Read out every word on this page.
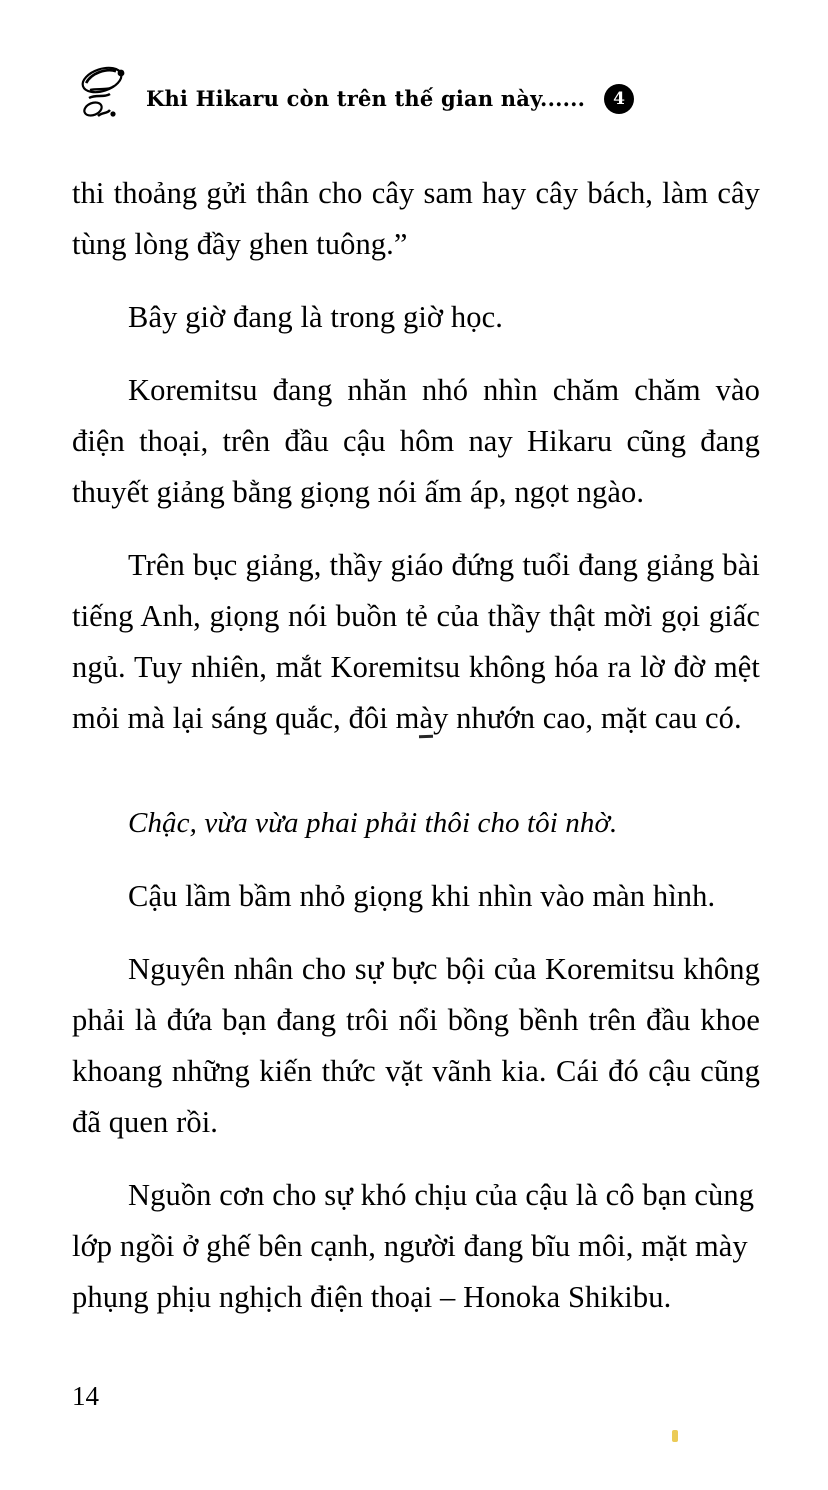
Khi Hikaru còn trên thế gian này......	4

thi thoảng gửi thân cho cây sam hay cây bách, làm cây tùng lòng đầy ghen tuông.”

Bây giờ đang là trong giờ học.

Koremitsu đang nhăn nhó nhìn chăm chăm vào điện thoại, trên đầu cậu hôm nay Hikaru cũng đang thuyết giảng bằng giọng nói ấm áp, ngọt ngào.

Trên bục giảng, thầy giáo đứng tuổi đang giảng bài tiếng Anh, giọng nói buồn tẻ của thầy thật mời gọi giấc ngủ. Tuy nhiên, mắt Koremitsu không hóa ra lờ đờ mệt mỏi mà lại sáng quắc, đôi mày nhướn cao, mặt cau có.

Chậc, vừa vừa phai phải thôi cho tôi nhờ.

Cậu lầm bầm nhỏ giọng khi nhìn vào màn hình.

Nguyên nhân cho sự bực bội của Koremitsu không phải là đứa bạn đang trôi nổi bồng bềnh trên đầu khoe khoang những kiến thức vặt vãnh kia. Cái đó cậu cũng đã quen rồi.

Nguồn cơn cho sự khó chịu của cậu là cô bạn cùng lớp ngồi ở ghế bên cạnh, người đang bĩu môi, mặt mày phụng phịu nghịch điện thoại – Honoka Shikibu.

14
